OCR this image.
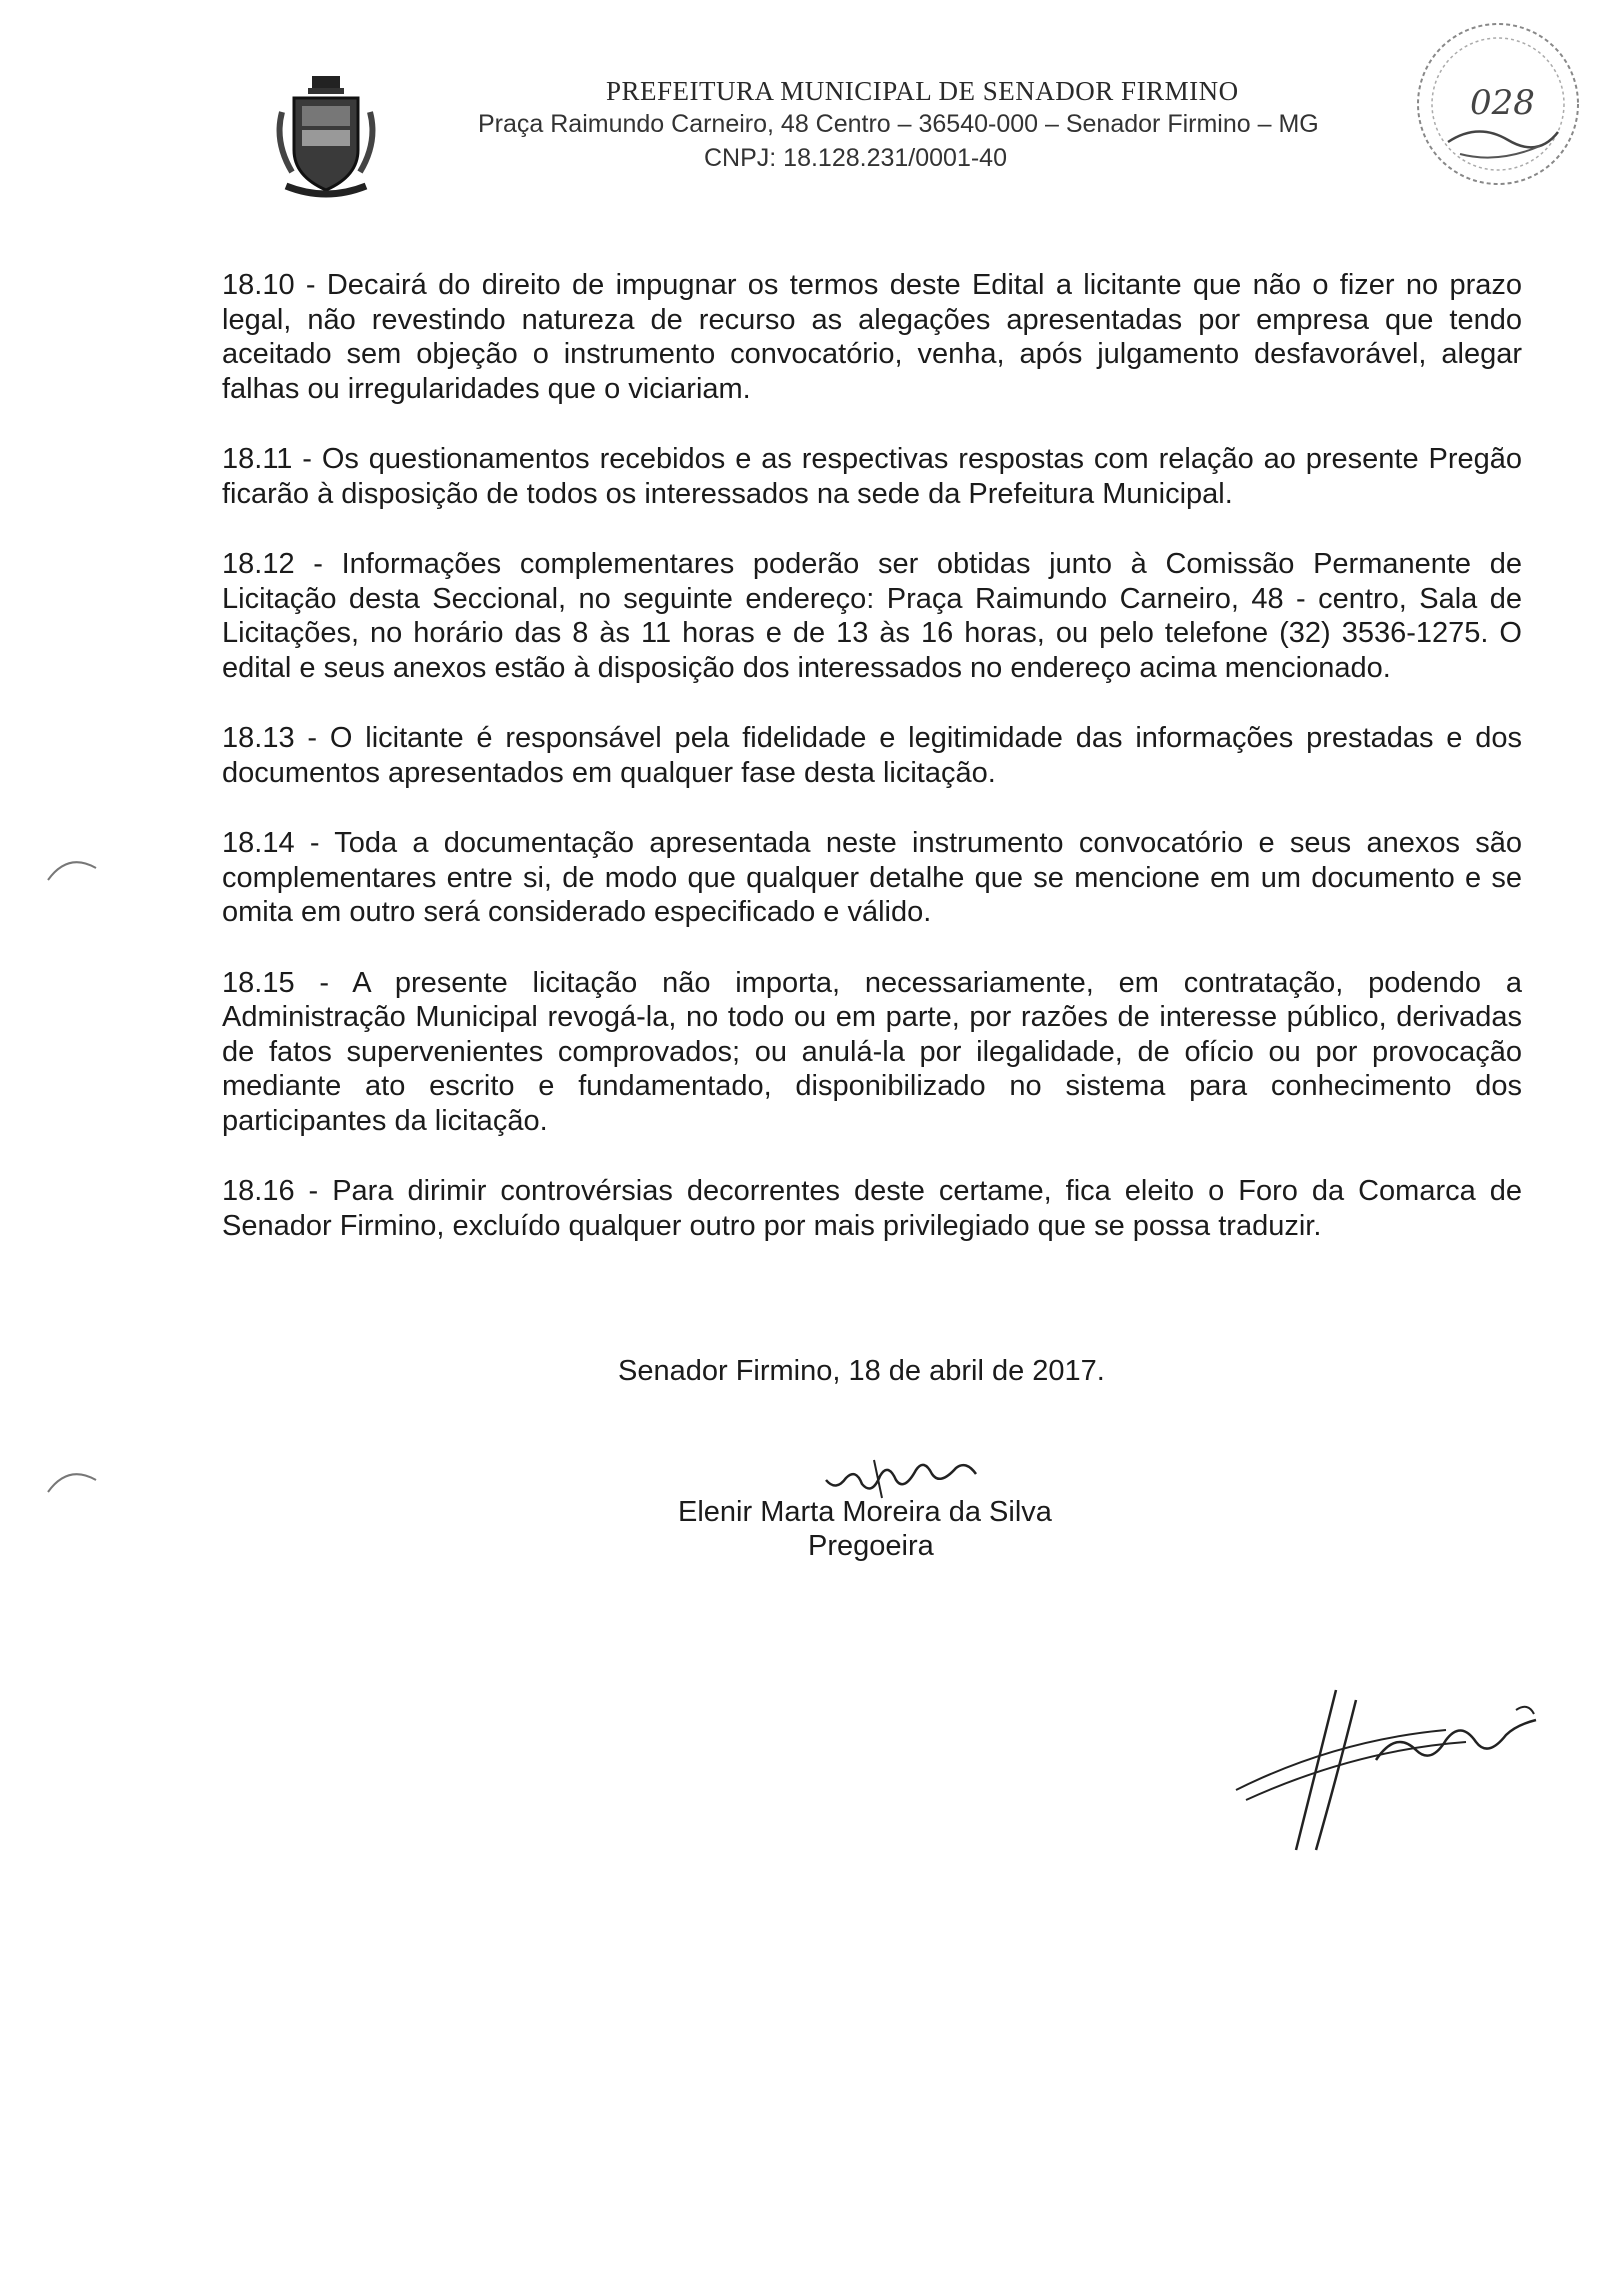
PREFEITURA MUNICIPAL DE SENADOR FIRMINO
Praça Raimundo Carneiro, 48 Centro – 36540-000 – Senador Firmino – MG
CNPJ: 18.128.231/0001-40
028

18.10 - Decairá do direito de impugnar os termos deste Edital a licitante que não o fizer no prazo legal, não revestindo natureza de recurso as alegações apresentadas por empresa que tendo aceitado sem objeção o instrumento convocatório, venha, após julgamento desfavorável, alegar falhas ou irregularidades que o viciariam.

18.11 - Os questionamentos recebidos e as respectivas respostas com relação ao presente Pregão ficarão à disposição de todos os interessados na sede da Prefeitura Municipal.

18.12 - Informações complementares poderão ser obtidas junto à Comissão Permanente de Licitação desta Seccional, no seguinte endereço: Praça Raimundo Carneiro, 48 - centro, Sala de Licitações, no horário das 8 às 11 horas e de 13 às 16 horas, ou pelo telefone (32) 3536-1275. O edital e seus anexos estão à disposição dos interessados no endereço acima mencionado.

18.13 - O licitante é responsável pela fidelidade e legitimidade das informações prestadas e dos documentos apresentados em qualquer fase desta licitação.

18.14 - Toda a documentação apresentada neste instrumento convocatório e seus anexos são complementares entre si, de modo que qualquer detalhe que se mencione em um documento e se omita em outro será considerado especificado e válido.

18.15 - A presente licitação não importa, necessariamente, em contratação, podendo a Administração Municipal revogá-la, no todo ou em parte, por razões de interesse público, derivadas de fatos supervenientes comprovados; ou anulá-la por ilegalidade, de ofício ou por provocação mediante ato escrito e fundamentado, disponibilizado no sistema para conhecimento dos participantes da licitação.

18.16 - Para dirimir controvérsias decorrentes deste certame, fica eleito o Foro da Comarca de Senador Firmino, excluído qualquer outro por mais privilegiado que se possa traduzir.

Senador Firmino, 18 de abril de 2017.
Elenir Marta Moreira da Silva
Pregoeira
